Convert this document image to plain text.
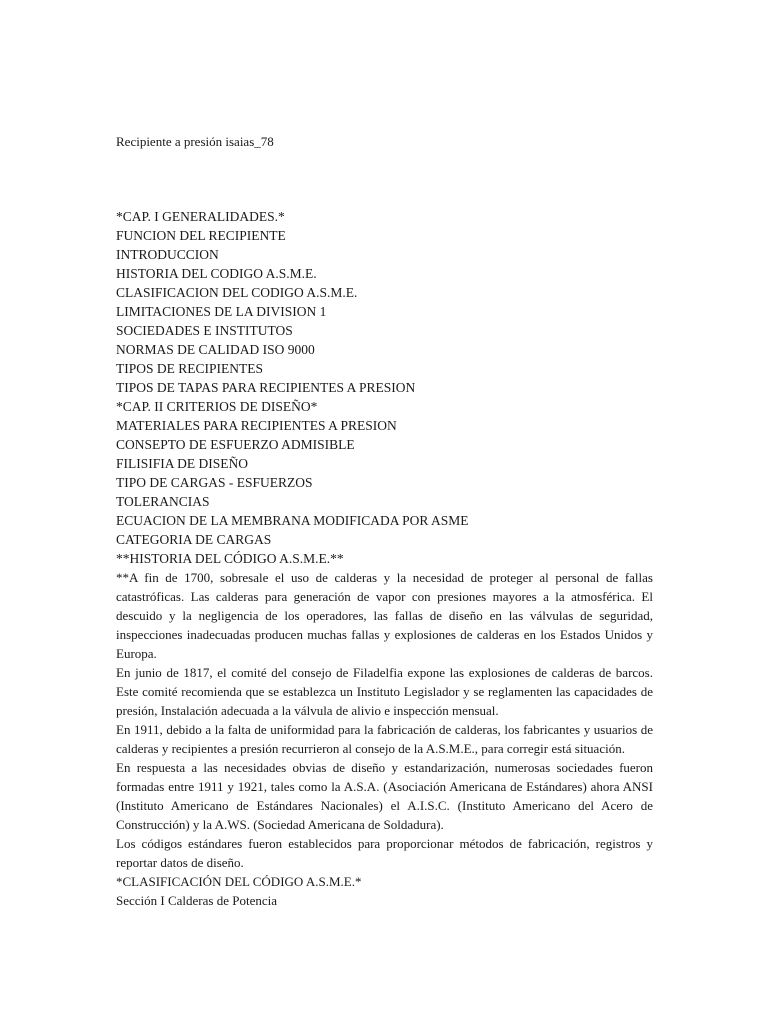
Recipiente a presión isaias_78
*CAP. I GENERALIDADES.*
FUNCION DEL RECIPIENTE
INTRODUCCION
HISTORIA DEL CODIGO A.S.M.E.
CLASIFICACION DEL CODIGO A.S.M.E.
LIMITACIONES DE LA DIVISION 1
SOCIEDADES E INSTITUTOS
NORMAS DE CALIDAD ISO 9000
TIPOS DE RECIPIENTES
TIPOS DE TAPAS PARA RECIPIENTES A PRESION
*CAP. II CRITERIOS DE DISEÑO*
MATERIALES PARA RECIPIENTES A PRESION
CONSEPTO DE ESFUERZO ADMISIBLE
FILISIFIA DE DISEÑO
TIPO DE CARGAS - ESFUERZOS
TOLERANCIAS
ECUACION DE LA MEMBRANA MODIFICADA POR ASME
CATEGORIA DE CARGAS
**HISTORIA DEL CÓDIGO A.S.M.E.**

**A fin de 1700, sobresale el uso de calderas y la necesidad de proteger al personal de fallas catastróficas. Las calderas para generación de vapor con presiones mayores a la atmosférica. El descuido y la negligencia de los operadores, las fallas de diseño en las válvulas de seguridad, inspecciones inadecuadas producen muchas fallas y explosiones de calderas en los Estados Unidos y Europa.

En junio de 1817, el comité del consejo de Filadelfia expone las explosiones de calderas de barcos. Este comité recomienda que se establezca un Instituto Legislador y se reglamenten las capacidades de presión, Instalación adecuada a la válvula de alivio e inspección mensual.

En 1911, debido a la falta de uniformidad para la fabricación de calderas, los fabricantes y usuarios de calderas y recipientes a presión recurrieron al consejo de la A.S.M.E., para corregir está situación.

En respuesta a las necesidades obvias de diseño y estandarización, numerosas sociedades fueron formadas entre 1911 y 1921, tales como la A.S.A. (Asociación Americana de Estándares) ahora ANSI (Instituto Americano de Estándares Nacionales) el A.I.S.C. (Instituto Americano del Acero de Construcción) y la A.WS. (Sociedad Americana de Soldadura).

Los códigos estándares fueron establecidos para proporcionar métodos de fabricación, registros y reportar datos de diseño.

*CLASIFICACIÓN DEL CÓDIGO A.S.M.E.*

Sección I Calderas de Potencia
